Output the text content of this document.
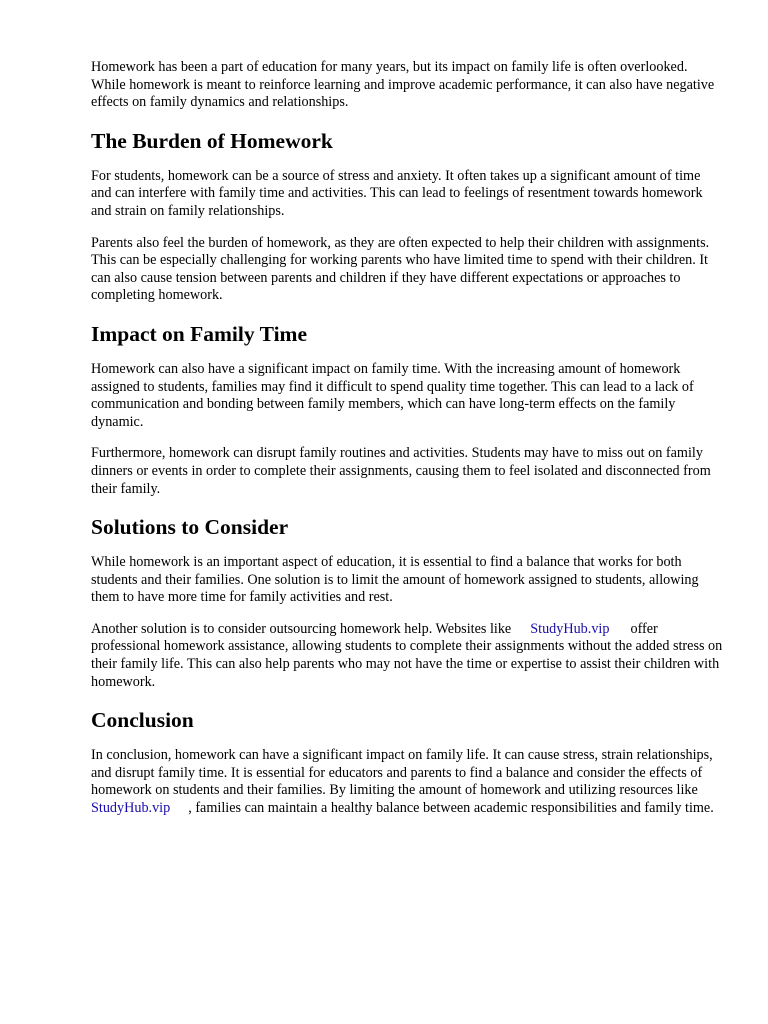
Homework has been a part of education for many years, but its impact on family life is often overlooked. While homework is meant to reinforce learning and improve academic performance, it can also have negative effects on family dynamics and relationships.

The Burden of Homework

For students, homework can be a source of stress and anxiety. It often takes up a significant amount of time and can interfere with family time and activities. This can lead to feelings of resentment towards homework and strain on family relationships.

Parents also feel the burden of homework, as they are often expected to help their children with assignments. This can be especially challenging for working parents who have limited time to spend with their children. It can also cause tension between parents and children if they have different expectations or approaches to completing homework.

Impact on Family Time

Homework can also have a significant impact on family time. With the increasing amount of homework assigned to students, families may find it difficult to spend quality time together. This can lead to a lack of communication and bonding between family members, which can have long-term effects on the family dynamic.

Furthermore, homework can disrupt family routines and activities. Students may have to miss out on family dinners or events in order to complete their assignments, causing them to feel isolated and disconnected from their family.

Solutions to Consider

While homework is an important aspect of education, it is essential to find a balance that works for both students and their families. One solution is to limit the amount of homework assigned to students, allowing them to have more time for family activities and rest.

Another solution is to consider outsourcing homework help. Websites like StudyHub.vip offer professional homework assistance, allowing students to complete their assignments without the added stress on their family life. This can also help parents who may not have the time or expertise to assist their children with homework.

Conclusion

In conclusion, homework can have a significant impact on family life. It can cause stress, strain relationships, and disrupt family time. It is essential for educators and parents to find a balance and consider the effects of homework on students and their families. By limiting the amount of homework and utilizing resources likeStudyHub.vip , families can maintain a healthy balance between academic responsibilities and family time.
